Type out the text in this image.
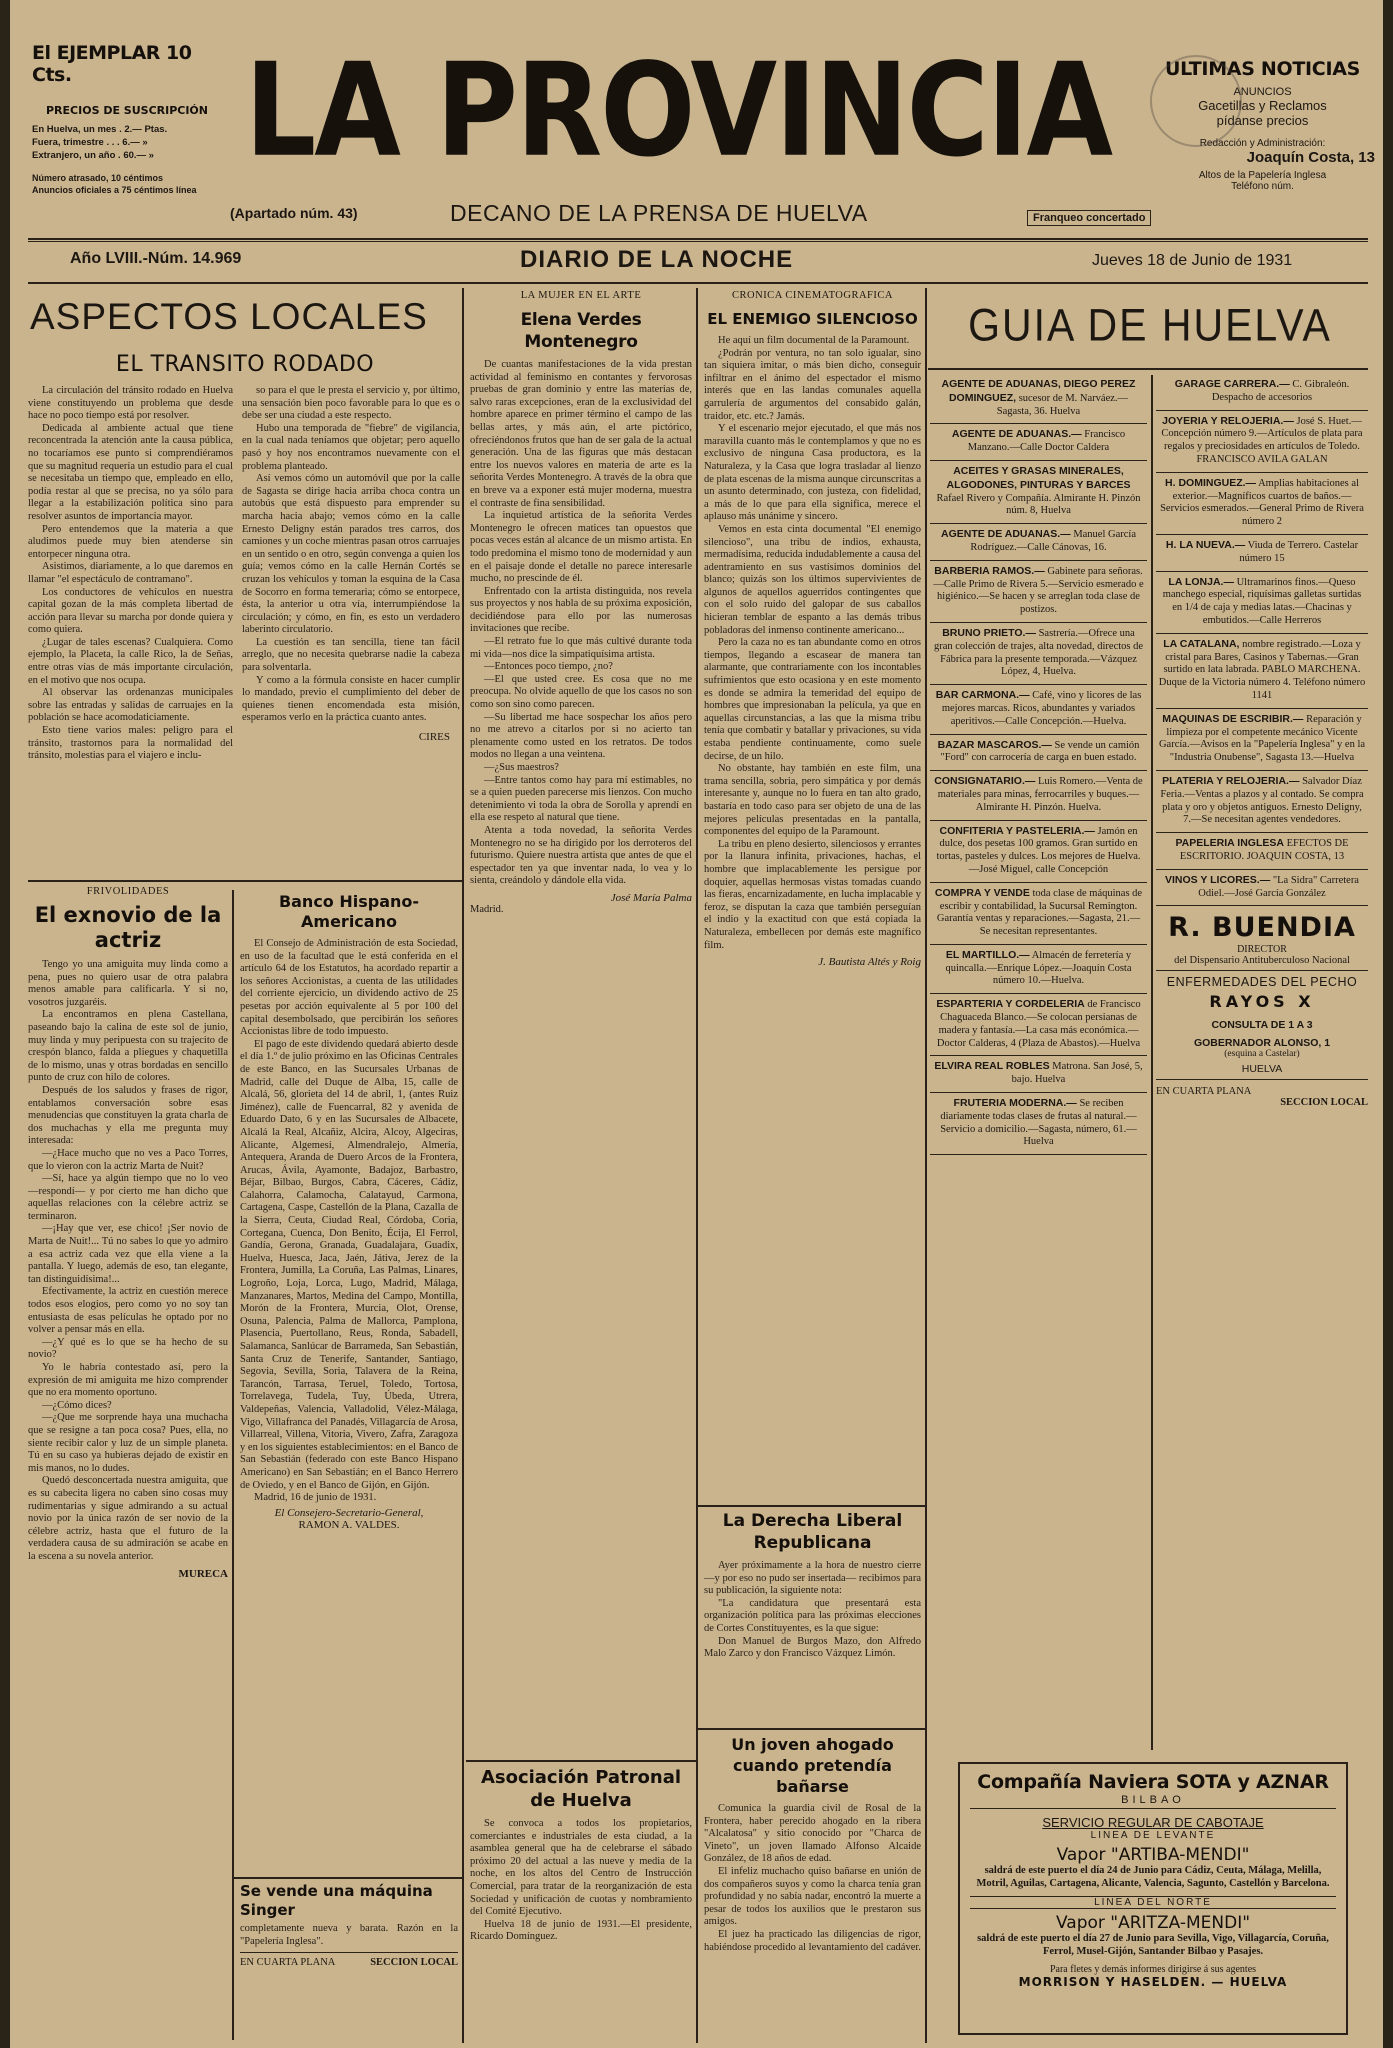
El EJEMPLAR 10 Cts.
PRECIOS DE SUSCRIPCIÓN
En Huelva, un mes . 2.— Ptas.
Fuera, trimestre . . . 6.— »
Extranjero, un año . 60.— »
Número atrasado, 10 céntimos
Anuncios oficiales a 75 céntimos línea
LA PROVINCIA
(Apartado núm. 43)	DECANO DE LA PRENSA DE HUELVA	Franqueo concertado
ULTIMAS NOTICIAS
ANUNCIOS
Gacetillas y Reclamos
pídanse precios
Redacción y Administración:
Joaquín Costa, 13
Altos de la Papelería Inglesa
Teléfono núm.
Año LVIII.-Núm. 14.969	DIARIO DE LA NOCHE	Jueves 18 de Junio de 1931
ASPECTOS LOCALES
EL TRANSITO RODADO

La circulación del tránsito rodado en Huelva viene constituyendo un problema que desde hace no poco tiempo está por resolver.

Dedicada al ambiente actual que tiene reconcentrada la atención ante la causa pública, no tocaríamos ese punto si comprendiéramos que su magnitud requería un estudio para el cual se necesitaba un tiempo que, empleado en ello, podía restar al que se precisa, no ya sólo para llegar a la estabilización política sino para resolver asuntos de importancia mayor.

Pero entendemos que la materia a que aludimos puede muy bien atenderse sin entorpecer ninguna otra.

Asistimos, diariamente, a lo que daremos en llamar "el espectáculo de contramano".

Los conductores de vehículos en nuestra capital gozan de la más completa libertad de acción para llevar su marcha por donde quiera y como quiera.

¿Lugar de tales escenas? Cualquiera. Como ejemplo, la Placeta, la calle Rico, la de Señas, entre otras vías de más importante circulación, en el motivo que nos ocupa.

Al observar las ordenanzas municipales sobre las entradas y salidas de carruajes en la población se hace acomodaticiamente.

Esto tiene varios males: peligro para el tránsito, trastornos para la normalidad del tránsito, molestias para el viajero e inclu-

so para el que le presta el servicio y, por último, una sensación bien poco favorable para lo que es o debe ser una ciudad a este respecto.

Hubo una temporada de "fiebre" de vigilancia, en la cual nada teníamos que objetar; pero aquello pasó y hoy nos encontramos nuevamente con el problema planteado.

Así vemos cómo un automóvil que por la calle de Sagasta se dirige hacia arriba choca contra un autobús que está dispuesto para emprender su marcha hacia abajo; vemos cómo en la calle Ernesto Deligny están parados tres carros, dos camiones y un coche mientras pasan otros carruajes en un sentido o en otro, según convenga a quien los guía; vemos cómo en la calle Hernán Cortés se cruzan los vehículos y toman la esquina de la Casa de Socorro en forma temeraria; cómo se entorpece, ésta, la anterior u otra vía, interrumpiéndose la circulación; y cómo, en fin, es esto un verdadero laberinto circulatorio.

La cuestión es tan sencilla, tiene tan fácil arreglo, que no necesita quebrarse nadie la cabeza para solventarla.

Y como a la fórmula consiste en hacer cumplir lo mandado, previo el cumplimiento del deber de quienes tienen encomendada esta misión, esperamos verlo en la práctica cuanto antes.

CIRES
FRIVOLIDADES
El exnovio de la actriz

Tengo yo una amiguita muy linda como a pena, pues no quiero usar de otra palabra menos amable para calificarla. Y si no, vosotros juzgaréis.

La encontramos en plena Castellana, paseando bajo la calina de este sol de junio, muy linda y muy peripuesta con su trajecito de crespón blanco, falda a pliegues y chaquetilla de lo mismo, unas y otras bordadas en sencillo punto de cruz con hilo de colores.

Después de los saludos y frases de rigor, entablamos conversación sobre esas menudencias que constituyen la grata charla de dos muchachas y ella me pregunta muy interesada:

—¿Hace mucho que no ves a Paco Torres, que lo vieron con la actriz Marta de Nuit?

—Sí, hace ya algún tiempo que no lo veo —respondí— y por cierto me han dicho que aquellas relaciones con la célebre actriz se terminaron.

—¡Hay que ver, ese chico! ¡Ser novio de Marta de Nuit!... Tú no sabes lo que yo admiro a esa actriz cada vez que ella viene a la pantalla. Y luego, además de eso, tan elegante, tan distinguidísima!...

Efectivamente, la actriz en cuestión merece todos esos elogios, pero como yo no soy tan entusiasta de esas películas he optado por no volver a pensar más en ella.

—¿Y qué es lo que se ha hecho de su novio?

Yo le habría contestado así, pero la expresión de mi amiguita me hizo comprender que no era momento oportuno.

—¿Cómo dices?

—¿Que me sorprende haya una muchacha que se resigne a tan poca cosa? Pues, ella, no siente recibir calor y luz de un simple planeta. Tú en su caso ya hubieras dejado de existir en mis manos, no lo dudes.

Quedó desconcertada nuestra amiguita, que es su cabecita ligera no caben sino cosas muy rudimentarias y sigue admirando a su actual novio por la única razón de ser novio de la célebre actriz, hasta que el futuro de la verdadera causa de su admiración se acabe en la escena a su novela anterior.

MURECA
Banco Hispano-Americano

El Consejo de Administración de esta Sociedad, en uso de la facultad que le está conferida en el artículo 64 de los Estatutos, ha acordado repartir a los señores Accionistas, a cuenta de las utilidades del corriente ejercicio, un dividendo activo de 25 pesetas por acción equivalente al 5 por 100 del capital desembolsado, que percibirán los señores Accionistas libre de todo impuesto.

El pago de este dividendo quedará abierto desde el día 1.º de julio próximo en las Oficinas Centrales de este Banco, en las Sucursales Urbanas de Madrid, calle del Duque de Alba, 15, calle de Alcalá, 56, glorieta del 14 de abril, 1, (antes Ruiz Jiménez), calle de Fuencarral, 82 y avenida de Eduardo Dato, 6 y en las Sucursales de Albacete, Alcalá la Real, Alcañiz, Alcira, Alcoy, Algeciras, Alicante, Algemesí, Almendralejo, Almería, Antequera, Aranda de Duero Arcos de la Frontera, Arucas, Ávila, Ayamonte, Badajoz, Barbastro, Béjar, Bilbao, Burgos, Cabra, Cáceres, Cádiz, Calahorra, Calamocha, Calatayud, Carmona, Cartagena, Caspe, Castellón de la Plana, Cazalla de la Sierra, Ceuta, Ciudad Real, Córdoba, Coria, Cortegana, Cuenca, Don Benito, Écija, El Ferrol, Gandía, Gerona, Granada, Guadalajara, Guadix, Huelva, Huesca, Jaca, Jaén, Játiva, Jerez de la Frontera, Jumilla, La Coruña, Las Palmas, Linares, Logroño, Loja, Lorca, Lugo, Madrid, Málaga, Manzanares, Martos, Medina del Campo, Montilla, Morón de la Frontera, Murcia, Olot, Orense, Osuna, Palencia, Palma de Mallorca, Pamplona, Plasencia, Puertollano, Reus, Ronda, Sabadell, Salamanca, Sanlúcar de Barrameda, San Sebastián, Santa Cruz de Tenerife, Santander, Santiago, Segovia, Sevilla, Soria, Talavera de la Reina, Tarancón, Tarrasa, Teruel, Toledo, Tortosa, Torrelavega, Tudela, Tuy, Úbeda, Utrera, Valdepeñas, Valencia, Valladolid, Vélez-Málaga, Vigo, Villafranca del Panadés, Villagarcía de Arosa, Villarreal, Villena, Vitoria, Vivero, Zafra, Zaragoza y en los siguientes establecimientos: en el Banco de San Sebastián (federado con este Banco Hispano Americano) en San Sebastián; en el Banco Herrero de Oviedo, y en el Banco de Gijón, en Gijón.

Madrid, 16 de junio de 1931.

El Consejero-Secretario-General,
RAMON A. VALDES.
Se vende una máquina Singer
completamente nueva y barata. Razón en la "Papelería Inglesa".
EN CUARTA PLANA	SECCION LOCAL
LA MUJER EN EL ARTE
Elena Verdes Montenegro

De cuantas manifestaciones de la vida prestan actividad al feminismo en contantes y fervorosas pruebas de gran dominio y entre las materias de, salvo raras excepciones, eran de la exclusividad del hombre aparece en primer término el campo de las bellas artes, y más aún, el arte pictórico, ofreciéndonos frutos que han de ser gala de la actual generación. Una de las figuras que más destacan entre los nuevos valores en materia de arte es la señorita Verdes Montenegro. A través de la obra que en breve va a exponer está mujer moderna, muestra el contraste de fina sensibilidad.

La inquietud artística de la señorita Verdes Montenegro le ofrecen matices tan opuestos que pocas veces están al alcance de un mismo artista. En todo predomina el mismo tono de modernidad y aun en el paisaje donde el detalle no parece interesarle mucho, no prescinde de él.

Enfrentado con la artista distinguida, nos revela sus proyectos y nos habla de su próxima exposición, decidiéndose para ello por las numerosas invitaciones que recibe.

—El retrato fue lo que más cultivé durante toda mi vida—nos dice la simpatiquísima artista.

—Entonces poco tiempo, ¿no?

—El que usted cree. Es cosa que no me preocupa. No olvide aquello de que los casos no son como son sino como parecen.

—Su libertad me hace sospechar los años pero no me atrevo a citarlos por si no acierto tan plenamente como usted en los retratos. De todos modos no llegan a una veintena.

—¿Sus maestros?

—Entre tantos como hay para mí estimables, no se a quien pueden parecerse mis lienzos. Con mucho detenimiento vi toda la obra de Sorolla y aprendí en ella ese respeto al natural que tiene.

Atenta a toda novedad, la señorita Verdes Montenegro no se ha dirigido por los derroteros del futurismo. Quiere nuestra artista que antes de que el espectador ten ya que inventar nada, lo vea y lo sienta, creándolo y dándole ella vida.

José María Palma
Madrid.
Asociación Patronal de Huelva

Se convoca a todos los propietarios, comerciantes e industriales de esta ciudad, a la asamblea general que ha de celebrarse el sábado próximo 20 del actual a las nueve y media de la noche, en los altos del Centro de Instrucción Comercial, para tratar de la reorganización de esta Sociedad y unificación de cuotas y nombramiento del Comité Ejecutivo.

Huelva 18 de junio de 1931.—El presidente, Ricardo Domínguez.

CRONICA CINEMATOGRAFICA
EL ENEMIGO SILENCIOSO

He aquí un film documental de la Paramount.

¿Podrán por ventura, no tan solo igualar, sino tan siquiera imitar, o más bien dicho, conseguir infiltrar en el ánimo del espectador el mismo interés que en las landas comunales aquella garrulería de argumentos del consabido galán, traidor, etc. etc.? Jamás.

Y el escenario mejor ejecutado, el que más nos maravilla cuanto más le contemplamos y que no es exclusivo de ninguna Casa productora, es la Naturaleza, y la Casa que logra trasladar al lienzo de plata escenas de la misma aunque circunscritas a un asunto determinado, con justeza, con fidelidad, a más de lo que para ella significa, merece el aplauso más unánime y sincero.

Vemos en esta cinta documental "El enemigo silencioso", una tribu de indios, exhausta, mermadísima, reducida indudablemente a causa del adentramiento en sus vastísimos dominios del blanco; quizás son los últimos supervivientes de algunos de aquellos aguerridos contingentes que con el solo ruido del galopar de sus caballos hicieran temblar de espanto a las demás tribus pobladoras del inmenso continente americano...

Pero la caza no es tan abundante como en otros tiempos, llegando a escasear de manera tan alarmante, que contrariamente con los incontables sufrimientos que esto ocasiona y en este momento es donde se admira la temeridad del equipo de hombres que impresionaban la película, ya que en aquellas circunstancias, a las que la misma tribu tenía que combatir y batallar y privaciones, su vida estaba pendiente continuamente, como suele decirse, de un hilo.

No obstante, hay también en este film, una trama sencilla, sobria, pero simpática y por demás interesante y, aunque no lo fuera en tan alto grado, bastaría en todo caso para ser objeto de una de las mejores películas presentadas en la pantalla, componentes del equipo de la Paramount.

La tribu en pleno desierto, silenciosos y errantes por la llanura infinita, privaciones, hachas, el hombre que implacablemente les persigue por doquier, aquellas hermosas vistas tomadas cuando las fieras, encarnizadamente, en lucha implacable y feroz, se disputan la caza que también perseguían el indio y la exactitud con que está copiada la Naturaleza, embellecen por demás este magnífico film.

J. Bautista Altés y Roig
La Derecha Liberal Republicana

Ayer próximamente a la hora de nuestro cierre —y por eso no pudo ser insertada— recibimos para su publicación, la siguiente nota:

"La candidatura que presentará esta organización política para las próximas elecciones de Cortes Constituyentes, es la que sigue:

Don Manuel de Burgos Mazo, don Alfredo Malo Zarco y don Francisco Vázquez Limón.

Un joven ahogado cuando pretendía bañarse

Comunica la guardia civil de Rosal de la Frontera, haber perecido ahogado en la ribera "Alcalatosa" y sitio conocido por "Charca de Vineto", un joven llamado Alfonso Alcaide González, de 18 años de edad.

El infeliz muchacho quiso bañarse en unión de dos compañeros suyos y como la charca tenía gran profundidad y no sabía nadar, encontró la muerte a pesar de todos los auxilios que le prestaron sus amigos.

El juez ha practicado las diligencias de rigor, habiéndose procedido al levantamiento del cadáver.

GUIA DE HUELVA
AGENTE DE ADUANAS, DIEGO PEREZ DOMINGUEZ, sucesor de M. Narváez.—Sagasta, 36. Huelva
AGENTE DE ADUANAS.— Francisco Manzano.—Calle Doctor Caldera
ACEITES Y GRASAS MINERALES, ALGODONES, PINTURAS Y BARCES Rafael Rivero y Compañía. Almirante H. Pinzón núm. 8, Huelva
AGENTE DE ADUANAS.— Manuel García Rodríguez.—Calle Cánovas, 16.
BARBERIA RAMOS.— Gabinete para señoras.—Calle Primo de Rivera 5.—Servicio esmerado e higiénico.—Se hacen y se arreglan toda clase de postizos.
BRUNO PRIETO.— Sastrería.—Ofrece una gran colección de trajes, alta novedad, directos de Fábrica para la presente temporada.—Vázquez López, 4, Huelva.
BAR CARMONA.— Café, vino y licores de las mejores marcas. Ricos, abundantes y variados aperitivos.—Calle Concepción.—Huelva.
BAZAR MASCAROS.— Se vende un camión "Ford" con carrocería de carga en buen estado.
CONSIGNATARIO.— Luis Romero.—Venta de materiales para minas, ferrocarriles y buques.—Almirante H. Pinzón. Huelva.
CONFITERIA Y PASTELERIA.— Jamón en dulce, dos pesetas 100 gramos. Gran surtido en tortas, pasteles y dulces. Los mejores de Huelva.—José Miguel, calle Concepción
COMPRA Y VENDE toda clase de máquinas de escribir y contabilidad, la Sucursal Remington. Garantía ventas y reparaciones.—Sagasta, 21.—Se necesitan representantes.
EL MARTILLO.— Almacén de ferretería y quincalla.—Enrique López.—Joaquín Costa número 10.—Huelva.
ESPARTERIA Y CORDELERIA de Francisco Chaguaceda Blanco.—Se colocan persianas de madera y fantasía.—La casa más económica.—Doctor Calderas, 4 (Plaza de Abastos).—Huelva
ELVIRA REAL ROBLES Matrona. San José, 5, bajo. Huelva
FRUTERIA MODERNA.— Se reciben diariamente todas clases de frutas al natural.—Servicio a domicilio.—Sagasta, número, 61.—Huelva
GARAGE CARRERA.— C. Gibraleón. Despacho de accesorios
JOYERIA Y RELOJERIA.— José S. Huet.—Concepción número 9.—Artículos de plata para regalos y preciosidades en artículos de Toledo. FRANCISCO AVILA GALAN
H. DOMINGUEZ.— Amplias habitaciones al exterior.—Magníficos cuartos de baños.—Servicios esmerados.—General Primo de Rivera número 2
H. LA NUEVA.— Viuda de Terrero. Castelar número 15
LA LONJA.— Ultramarinos finos.—Queso manchego especial, riquísimas galletas surtidas en 1/4 de caja y medias latas.—Chacinas y embutidos.—Calle Herreros
LA CATALANA, nombre registrado.—Loza y cristal para Bares, Casinos y Tabernas.—Gran surtido en lata labrada. PABLO MARCHENA. Duque de la Victoria número 4. Teléfono número 1141
MAQUINAS DE ESCRIBIR.— Reparación y limpieza por el competente mecánico Vicente García.—Avisos en la "Papelería Inglesa" y en la "Industria Onubense", Sagasta 13.—Huelva
PLATERIA Y RELOJERIA.— Salvador Díaz Feria.—Ventas a plazos y al contado. Se compra plata y oro y objetos antiguos. Ernesto Deligny, 7.—Se necesitan agentes vendedores.
PAPELERIA INGLESA EFECTOS DE ESCRITORIO. JOAQUIN COSTA, 13
VINOS Y LICORES.— "La Sidra" Carretera Odiel.—José García González
R. BUENDIA
DIRECTOR
del Dispensario Antituberculoso Nacional
ENFERMEDADES DEL PECHO
RAYOS X
CONSULTA DE 1 A 3
GOBERNADOR ALONSO, 1
(esquina a Castelar)
HUELVA
EN CUARTA PLANA
SECCION LOCAL
Compañía Naviera SOTA y AZNAR
BILBAO
SERVICIO REGULAR DE CABOTAJE
LINEA DE LEVANTE
Vapor "ARTIBA-MENDI"
saldrá de este puerto el día 24 de Junio para Cádiz, Ceuta, Málaga, Melilla, Motril, Aguilas, Cartagena, Alicante, Valencia, Sagunto, Castellón y Barcelona.
LINEA DEL NORTE
Vapor "ARITZA-MENDI"
saldrá de este puerto el día 27 de Junio para Sevilla, Vigo, Villagarcía, Coruña, Ferrol, Musel-Gijón, Santander Bilbao y Pasajes.
Para fletes y demás informes dirigirse á sus agentes
MORRISON Y HASELDEN. — HUELVA
